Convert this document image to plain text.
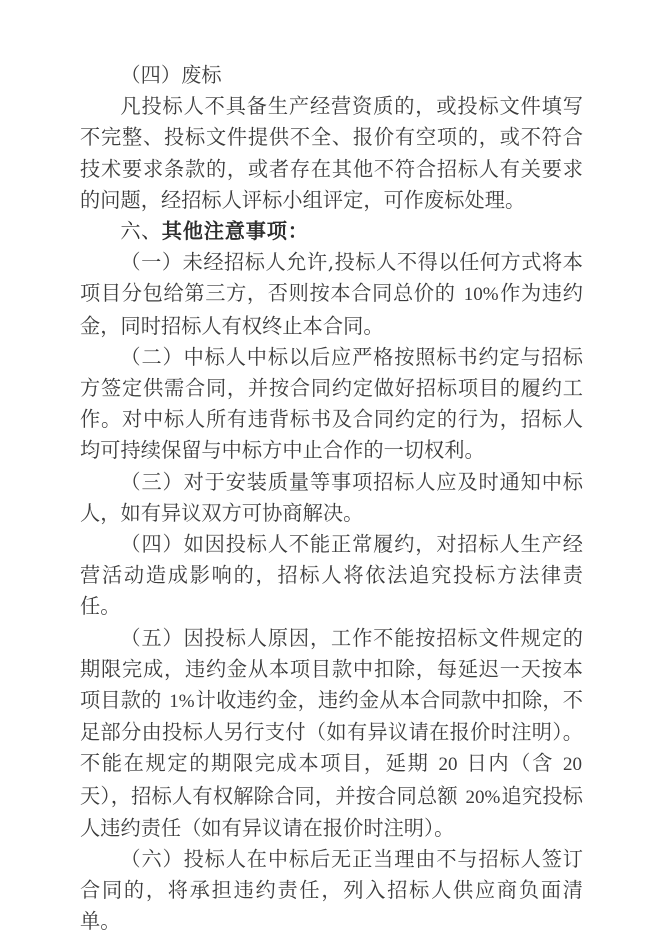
（四）废标

凡投标人不具备生产经营资质的，或投标文件填写不完整、投标文件提供不全、报价有空项的，或不符合技术要求条款的，或者存在其他不符合招标人有关要求的问题，经招标人评标小组评定，可作废标处理。

六、其他注意事项：

（一）未经招标人允许,投标人不得以任何方式将本项目分包给第三方，否则按本合同总价的 10%作为违约金，同时招标人有权终止本合同。

（二）中标人中标以后应严格按照标书约定与招标方签定供需合同，并按合同约定做好招标项目的履约工作。对中标人所有违背标书及合同约定的行为，招标人均可持续保留与中标方中止合作的一切权利。

（三）对于安装质量等事项招标人应及时通知中标人，如有异议双方可协商解决。

（四）如因投标人不能正常履约，对招标人生产经营活动造成影响的，招标人将依法追究投标方法律责任。

（五）因投标人原因，工作不能按招标文件规定的期限完成，违约金从本项目款中扣除，每延迟一天按本项目款的 1%计收违约金，违约金从本合同款中扣除，不足部分由投标人另行支付（如有异议请在报价时注明）。不能在规定的期限完成本项目，延期 20 日内（含 20 天），招标人有权解除合同，并按合同总额 20%追究投标人违约责任（如有异议请在报价时注明）。

（六）投标人在中标后无正当理由不与招标人签订合同的，将承担违约责任，列入招标人供应商负面清单。
